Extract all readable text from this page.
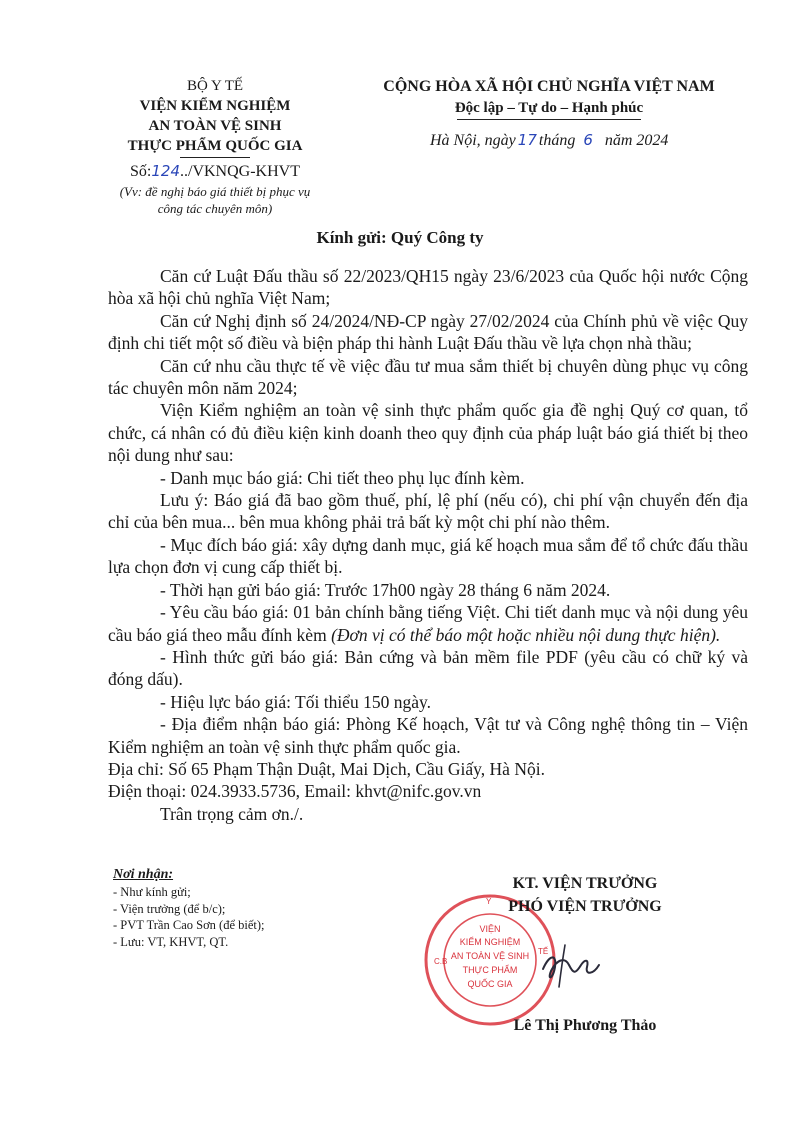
BỘ Y TẾ
VIỆN KIỂM NGHIỆM
AN TOÀN VỆ SINH
THỰC PHẨM QUỐC GIA
Số:124../VKNQG-KHVT
(Vv: đề nghị báo giá thiết bị phục vụ
công tác chuyên môn)
CỘNG HÒA XÃ HỘI CHỦ NGHĨA VIỆT NAM
Độc lập – Tự do – Hạnh phúc
Hà Nội, ngày 17 tháng 6 năm 2024
Kính gửi: Quý Công ty

Căn cứ Luật Đấu thầu số 22/2023/QH15 ngày 23/6/2023 của Quốc hội nước Cộng hòa xã hội chủ nghĩa Việt Nam;

Căn cứ Nghị định số 24/2024/NĐ-CP ngày 27/02/2024 của Chính phủ về việc Quy định chi tiết một số điều và biện pháp thi hành Luật Đấu thầu về lựa chọn nhà thầu;

Căn cứ nhu cầu thực tế về việc đầu tư mua sắm thiết bị chuyên dùng phục vụ công tác chuyên môn năm 2024;

Viện Kiểm nghiệm an toàn vệ sinh thực phẩm quốc gia đề nghị Quý cơ quan, tổ chức, cá nhân có đủ điều kiện kinh doanh theo quy định của pháp luật báo giá thiết bị theo nội dung như sau:

- Danh mục báo giá: Chi tiết theo phụ lục đính kèm.

Lưu ý: Báo giá đã bao gồm thuế, phí, lệ phí (nếu có), chi phí vận chuyển đến địa chỉ của bên mua... bên mua không phải trả bất kỳ một chi phí nào thêm.

- Mục đích báo giá: xây dựng danh mục, giá kế hoạch mua sắm để tổ chức đấu thầu lựa chọn đơn vị cung cấp thiết bị.

- Thời hạn gửi báo giá: Trước 17h00 ngày 28 tháng 6 năm 2024.

- Yêu cầu báo giá: 01 bản chính bằng tiếng Việt. Chi tiết danh mục và nội dung yêu cầu báo giá theo mẫu đính kèm (Đơn vị có thể báo một hoặc nhiều nội dung thực hiện).

- Hình thức gửi báo giá: Bản cứng và bản mềm file PDF (yêu cầu có chữ ký và đóng dấu).

- Hiệu lực báo giá: Tối thiểu 150 ngày.

- Địa điểm nhận báo giá: Phòng Kế hoạch, Vật tư và Công nghệ thông tin – Viện Kiểm nghiệm an toàn vệ sinh thực phẩm quốc gia.

Địa chỉ: Số 65 Phạm Thận Duật, Mai Dịch, Cầu Giấy, Hà Nội.

Điện thoại: 024.3933.5736, Email: khvt@nifc.gov.vn

Trân trọng cảm ơn./.

Nơi nhận:
- Như kính gửi;
- Viện trưởng (để b/c);
- PVT Trần Cao Sơn (để biết);
- Lưu: VT, KHVT, QT.
VIỆN
KIỂM NGHIỆM
AN TOÀN VỆ SINH
THỰC PHẨM
QUỐC GIA
C.B
TẾ
Y
KT. VIỆN TRƯỞNG
PHÓ VIỆN TRƯỞNG
Lê Thị Phương Thảo
